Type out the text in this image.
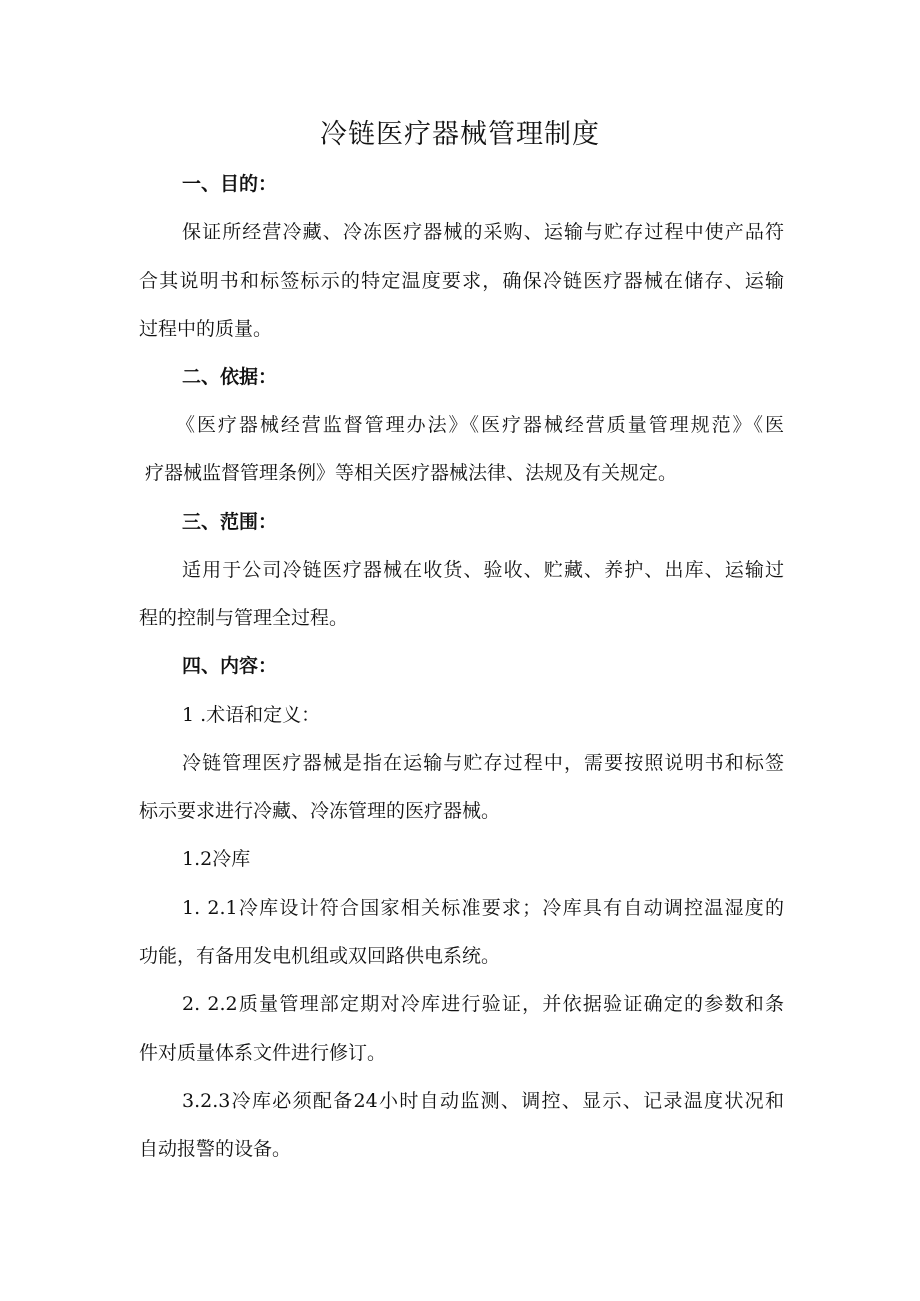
冷链医疗器械管理制度
一、目的：
保证所经营冷藏、冷冻医疗器械的采购、运输与贮存过程中使产品符
合其说明书和标签标示的特定温度要求，确保冷链医疗器械在储存、运输
过程中的质量。
二、依据：
《医疗器械经营监督管理办法》《医疗器械经营质量管理规范》《医
疗器械监督管理条例》等相关医疗器械法律、法规及有关规定。
三、范围：
适用于公司冷链医疗器械在收货、验收、贮藏、养护、出库、运输过
程的控制与管理全过程。
四、内容：
1 .术语和定义：
冷链管理医疗器械是指在运输与贮存过程中，需要按照说明书和标签
标示要求进行冷藏、冷冻管理的医疗器械。
1.2冷库
1. 2.1冷库设计符合国家相关标准要求；冷库具有自动调控温湿度的
功能，有备用发电机组或双回路供电系统。
2. 2.2质量管理部定期对冷库进行验证，并依据验证确定的参数和条
件对质量体系文件进行修订。
3.2.3冷库必须配备24小时自动监测、调控、显示、记录温度状况和
自动报警的设备。
